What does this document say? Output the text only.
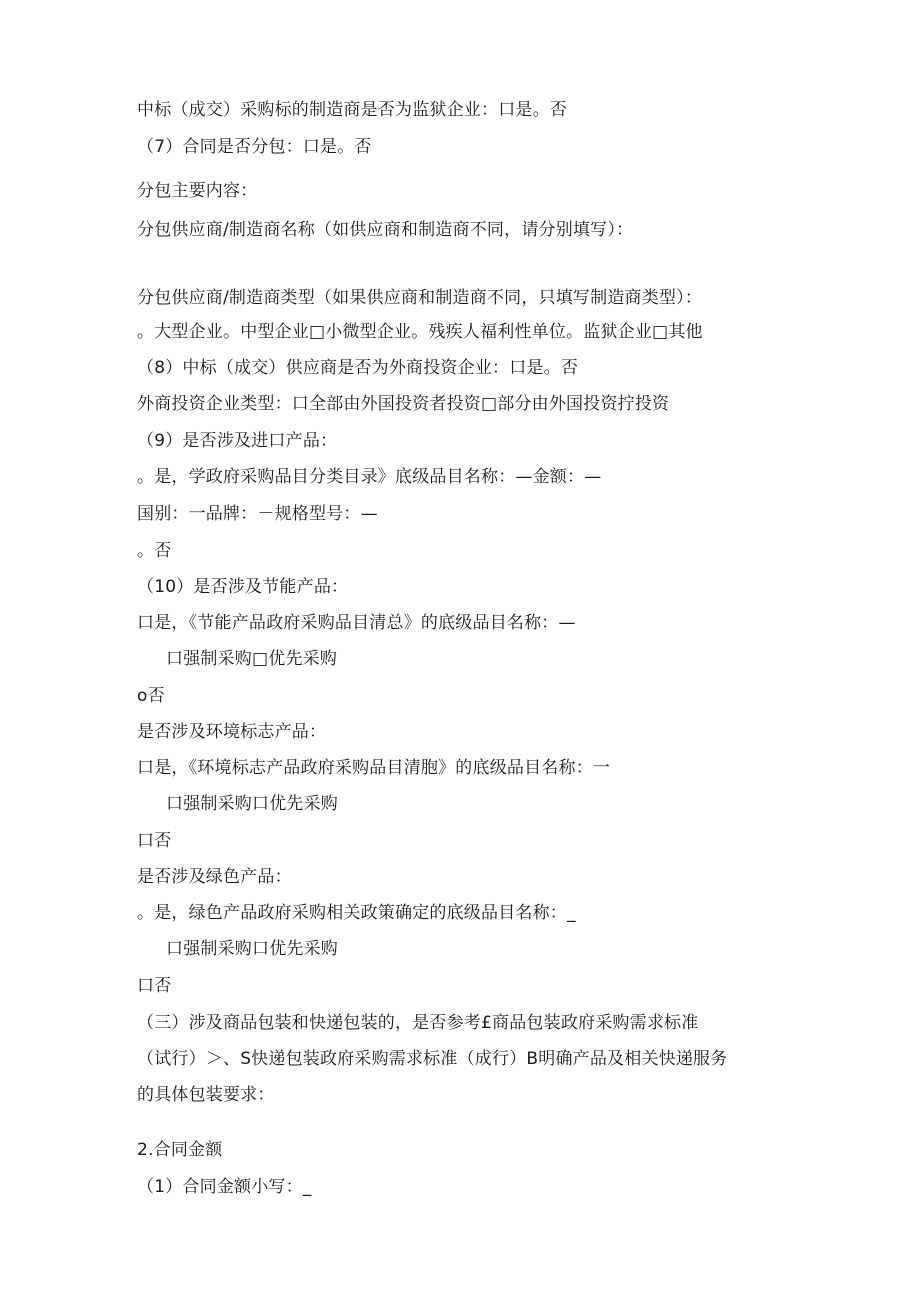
中标（成交）采购标的制造商是否为监狱企业：口是。否
（7）合同是否分包：口是。否
分包主要内容：
分包供应商/制造商名称（如供应商和制造商不同，请分别填写）：
分包供应商/制造商类型（如果供应商和制造商不同，只填写制造商类型）：
。大型企业。中型企业□小微型企业。残疾人福利性单位。监狱企业□其他
（8）中标（成交）供应商是否为外商投资企业：口是。否
外商投资企业类型：口全部由外国投资者投资□部分由外国投资拧投资
（9）是否涉及进口产品：
。是，学政府采购品目分类目录》底级品目名称：—金额：—
国别：一品牌：－规格型号：—
。否
（10）是否涉及节能产品：
口是，《节能产品政府采购品目清总》的底级品目名称：—
口强制采购□优先采购
o否
是否涉及环境标志产品：
口是，《环境标志产品政府采购品目清胞》的底级品目名称：一
口强制采购口优先采购
口否
是否涉及绿色产品：
。是，绿色产品政府采购相关政策确定的底级品目名称：_
口强制采购口优先采购
口否
（三）涉及商品包装和快递包装的，是否参考£商品包装政府采购需求标准
（试行）＞、S快递包装政府采购需求标准（成行）B明确产品及相关快递服务
的具体包装要求：
2.合同金额
（1）合同金额小写：_
